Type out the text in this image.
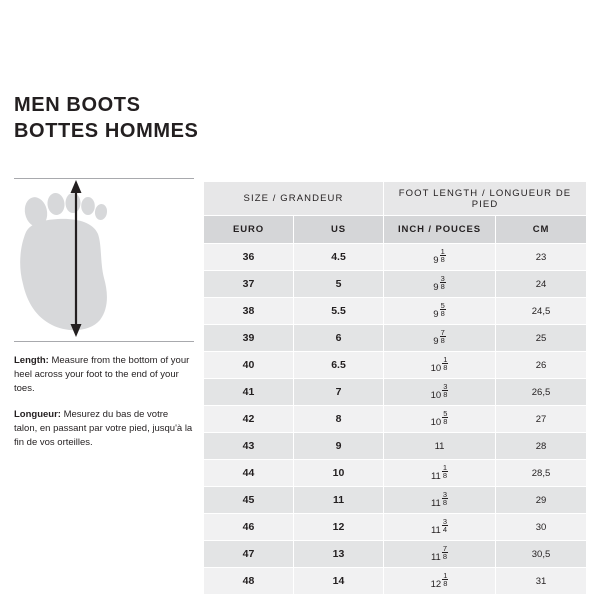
MEN BOOTS
BOTTES HOMMES

Length: Measure from the bottom of your heel across your foot to the end of your toes.

Longueur: Mesurez du bas de votre talon, en passant par votre pied, jusqu'à la fin de vos orteilles.

SIZE / GRANDEUR		FOOT LENGTH / LONGUEUR DE PIED	
EURO	US	INCH / POUCES	CM
36	4.5	$9 \frac{1}{8}$	23
37	5	$9 \frac{3}{8}$	24
38	5.5	$9 \frac{5}{8}$	24,5
39	6	$9 \frac{7}{8}$	25
40	6.5	$10 \frac{1}{8}$	26
41	7	$10 \frac{3}{8}$	26,5
42	8	$10 \frac{5}{8}$	27
43	9	11	28
44	10	$11 \frac{1}{8}$	28,5
45	11	$11 \frac{3}{8}$	29
46	12	$11 \frac{3}{4}$	30
47	13	$11 \frac{7}{8}$	30,5
48	14	$12 \frac{1}{8}$	31
